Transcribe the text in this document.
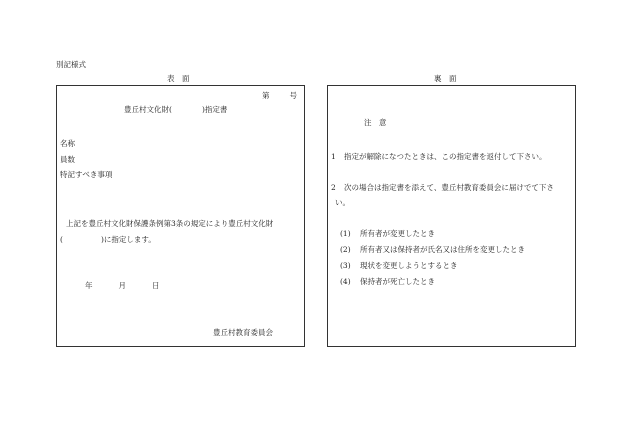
別記様式
表　面	裏　面
第	号
豊丘村文化財(	)指定書
名称
員数
特記すべき事項
上記を豊丘村文化財保護条例第3条の規定により豊丘村文化財
(	)に指定します。
年	月	日
豊丘村教育委員会
注　意
1 指定が解除になつたときは、この指定書を返付して下さい。
2 次の場合は指定書を添えて、豊丘村教育委員会に届けでて下さ
い。
(1) 所有者が変更したとき
(2) 所有者又は保持者が氏名又は住所を変更したとき
(3) 現状を変更しようとするとき
(4) 保持者が死亡したとき
